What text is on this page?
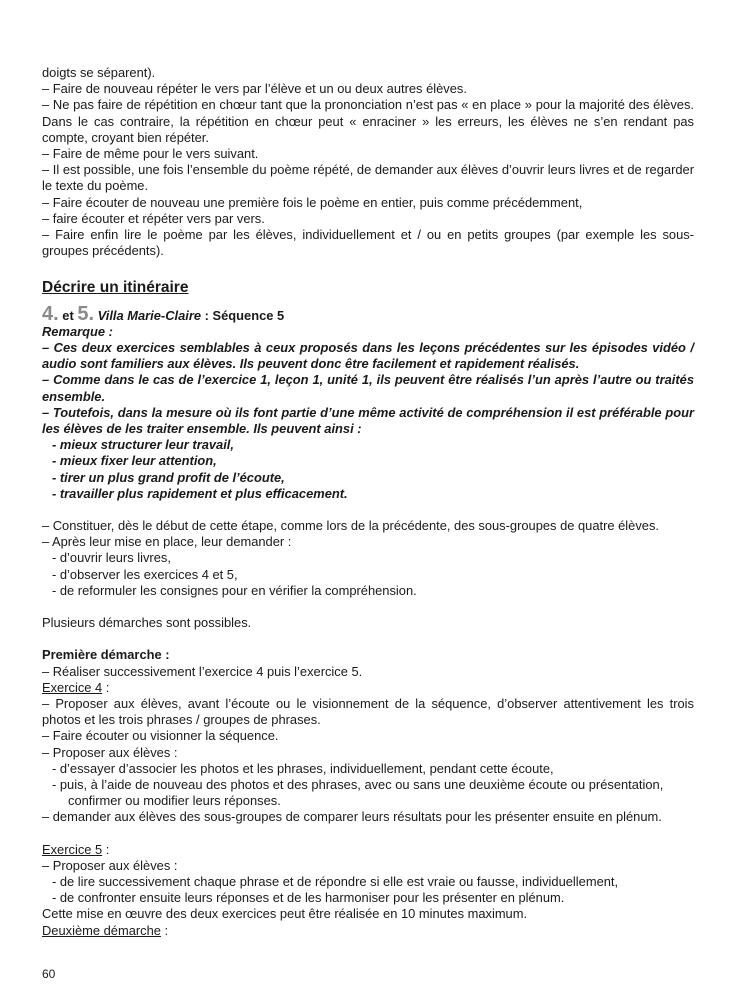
doigts se séparent).

– Faire de nouveau répéter le vers par l’élève et un ou deux autres élèves.

– Ne pas faire de répétition en chœur tant que la prononciation n’est pas « en place » pour la majorité des élèves. Dans le cas contraire, la répétition en chœur peut « enraciner » les erreurs, les élèves ne s’en rendant pas compte, croyant bien répéter.

– Faire de même pour le vers suivant.

– Il est possible, une fois l’ensemble du poème répété, de demander aux élèves d’ouvrir leurs livres et de regarder le texte du poème.

– Faire écouter de nouveau une première fois le poème en entier, puis comme précédemment,

– faire écouter et répéter vers par vers.

– Faire enfin lire le poème par les élèves, individuellement et / ou en petits groupes (par exemple les sous-groupes précédents).

Décrire un itinéraire

4. et 5. Villa Marie-Claire : Séquence 5

Remarque :

– Ces deux exercices semblables à ceux proposés dans les leçons précédentes sur les épisodes vidéo / audio sont familiers aux élèves. Ils peuvent donc être facilement et rapidement réalisés.

– Comme dans le cas de l’exercice 1, leçon 1, unité 1, ils peuvent être réalisés l’un après l’autre ou traités ensemble.

– Toutefois, dans la mesure où ils font partie d’une même activité de compréhension il est préférable pour les élèves de les traiter ensemble. Ils peuvent ainsi :

- mieux structurer leur travail,

- mieux fixer leur attention,

- tirer un plus grand profit de l’écoute,

- travailler plus rapidement et plus efficacement.

– Constituer, dès le début de cette étape, comme lors de la précédente, des sous-groupes de quatre élèves.

– Après leur mise en place, leur demander :

- d’ouvrir leurs livres,

- d’observer les exercices 4 et 5,

- de reformuler les consignes pour en vérifier la compréhension.

Plusieurs démarches sont possibles.

Première démarche :

– Réaliser successivement l’exercice 4 puis l’exercice 5.

Exercice 4 :

– Proposer aux élèves, avant l’écoute ou le visionnement de la séquence, d’observer attentivement les trois photos et les trois phrases / groupes de phrases.

– Faire écouter ou visionner la séquence.

– Proposer aux élèves :

- d’essayer d’associer les photos et les phrases, individuellement, pendant cette écoute,

- puis, à l’aide de nouveau des photos et des phrases, avec ou sans une deuxième écoute ou présentation, confirmer ou modifier leurs réponses.

– demander aux élèves des sous-groupes de comparer leurs résultats pour les présenter ensuite en plénum.

Exercice 5 :

– Proposer aux élèves :

- de lire successivement chaque phrase et de répondre si elle est vraie ou fausse, individuellement,

- de confronter ensuite leurs réponses et de les harmoniser pour les présenter en plénum.

Cette mise en œuvre des deux exercices peut être réalisée en 10 minutes maximum.

Deuxième démarche :

60
